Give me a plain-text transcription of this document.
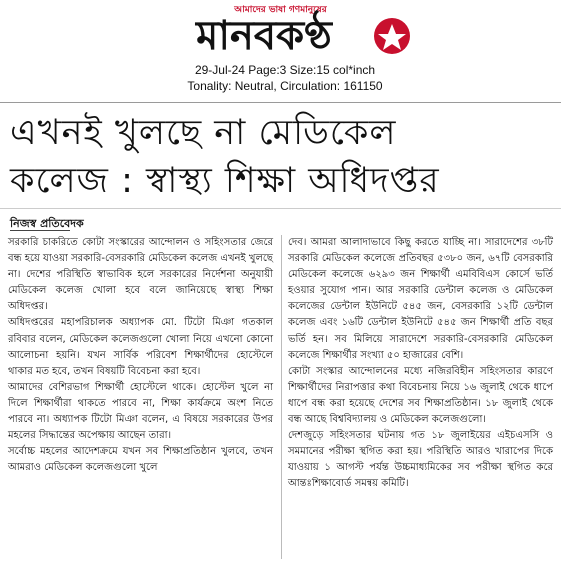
আমাদের ভাষা গণমানুষের
মানবকণ্ঠ
29-Jul-24 Page:3 Size:15 col*inch
Tonality: Neutral, Circulation: 161150
এখনই খুলছে না মেডিকেল
কলেজ : স্বাস্থ্য শিক্ষা অধিদপ্তর
নিজস্ব প্রতিবেদক

সরকারি চাকরিতে কোটা সংস্কারের আন্দোলন ও সহিংসতার জেরে বন্ধ হয়ে যাওয়া সরকারি-বেসরকারি মেডিকেল কলেজ এখনই খুলছে না। দেশের পরিস্থিতি স্বাভাবিক হলে সরকারের নির্দেশনা অনুযায়ী মেডিকেল কলেজ খোলা হবে বলে জানিয়েছে স্বাস্থ্য শিক্ষা অধিদপ্তর।

অধিদপ্তরের মহাপরিচালক অধ্যাপক মো. টিটো মিঞা গতকাল রবিবার বলেন, মেডিকেল কলেজগুলো খোলা নিয়ে এখনো কোনো আলোচনা হয়নি। যখন সার্বিক পরিবেশ শিক্ষার্থীদের হোস্টেলে থাকার মত হবে, তখন বিষয়টি বিবেচনা করা হবে।

আমাদের বেশিরভাগ শিক্ষার্থী হোস্টেলে থাকে। হোস্টেল খুলে না দিলে শিক্ষার্থীরা থাকতে পারবে না, শিক্ষা কার্যক্রমে অংশ নিতে পারবে না। অধ্যাপক টিটো মিঞা বলেন, এ বিষয়ে সরকারের উপর মহলের সিদ্ধান্তের অপেক্ষায় আছেন তারা।

সর্বোচ্চ মহলের আদেশক্রমে যখন সব শিক্ষাপ্রতিষ্ঠান খুলবে, তখন আমরাও মেডিকেল কলেজগুলো খুলে

দেব। আমরা আলাদাভাবে কিছু করতে যাচ্ছি না। সারাদেশের ৩৮টি সরকারি মেডিকেল কলেজে প্রতিবছর ৫৩৮০ জন, ৬৭টি বেসরকারি মেডিকেল কলেজে ৬২৯৩ জন শিক্ষার্থী এমবিবিএস কোর্সে ভর্তি হওয়ার সুযোগ পান। আর সরকারি ডেন্টাল কলেজ ও মেডিকেল কলেজের ডেন্টাল ইউনিটে ৫৪৫ জন, বেসরকারি ১২টি ডেন্টাল কলেজ এবং ১৬টি ডেন্টাল ইউনিটে ৫৪৫ জন শিক্ষার্থী প্রতি বছর ভর্তি হন। সব মিলিয়ে সারাদেশে সরকারি-বেসরকারি মেডিকেল কলেজে শিক্ষার্থীর সংখ্যা ৫০ হাজারের বেশি।

কোটা সংস্কার আন্দোলনের মধ্যে নজিরবিহীন সহিংসতার কারণে শিক্ষার্থীদের নিরাপত্তার কথা বিবেচনায় নিয়ে ১৬ জুলাই থেকে ধাপে ধাপে বন্ধ করা হয়েছে দেশের সব শিক্ষাপ্রতিষ্ঠান। ১৮ জুলাই থেকে বন্ধ আছে বিশ্ববিদ্যালয় ও মেডিকেল কলেজগুলো।

দেশজুড়ে সহিংসতার ঘটনায় গত ১৮ জুলাইয়ের এইচএসসি ও সমমানের পরীক্ষা স্থগিত করা হয়। পরিস্থিতি আরও খারাপের দিকে যাওয়ায় ১ আগস্ট পর্যন্ত উচ্চমাধ্যমিকের সব পরীক্ষা স্থগিত করে আন্তঃশিক্ষাবোর্ড সমন্বয় কমিটি।
